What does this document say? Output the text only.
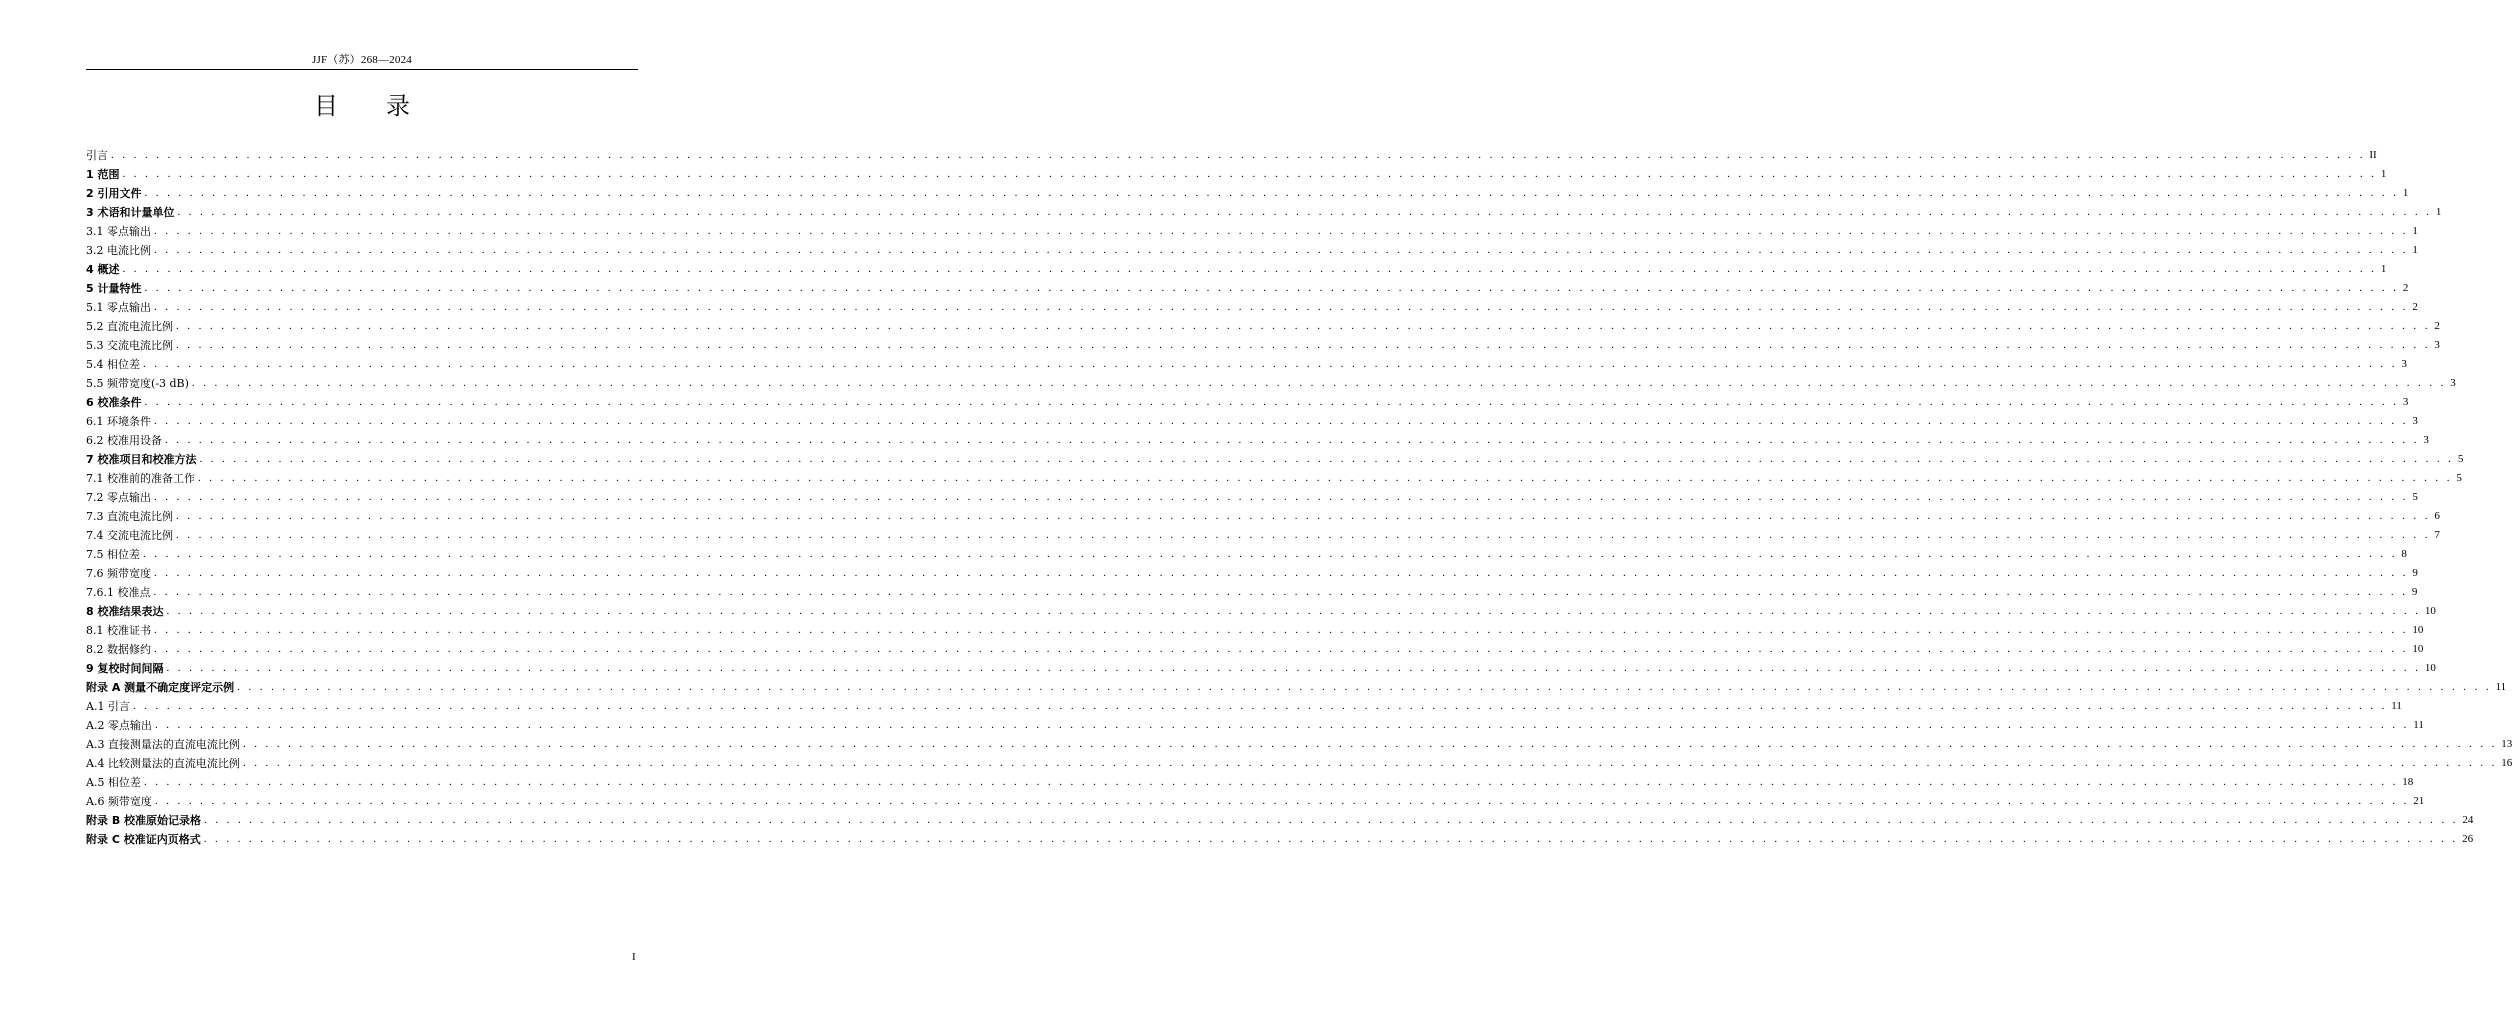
JJF（苏）268—2024
目录
引言 . . . . . . . . . . . . . . . . . . . . . . . . . . . . . . . . . . . . . . . . . . . . . . . . . . . . . . . . . . . . . . . . . . . . . . . . . . . . . . . . . . . . . . . . . . . . . . . . . . . . . . . . . . . . . . . . . . . . . . . . . . . . . . . . . . . . . . . . . . . . . . . . . . . . . . . . . . . . . . . . . . . . . . . . . . . . . . . . . . . . . . . . . . . . . . . . . . . . . . . . II
1 范围 . . . . . . . . . . . . . . . . . . . . . . . . . . . . . . . . . . . . . . . . . . . . . . . . . . . . . . . . . . . . . . . . . . . . . . . . . . . . . . . . . . . . . . . . . . . . . . . . . . . . . . . . . . . . . . . . . . . . . . . . . . . . . . . . . . . . . . . . . . . . . . . . . . . . . . . . . . . . . . . . . . . . . . . . . . . . . . . . . . . . . . . . . . . . . . . . . . . . . . . . 1
2 引用文件 . . . . . . . . . . . . . . . . . . . . . . . . . . . . . . . . . . . . . . . . . . . . . . . . . . . . . . . . . . . . . . . . . . . . . . . . . . . . . . . . . . . . . . . . . . . . . . . . . . . . . . . . . . . . . . . . . . . . . . . . . . . . . . . . . . . . . . . . . . . . . . . . . . . . . . . . . . . . . . . . . . . . . . . . . . . . . . . . . . . . . . . . . . . . . . . . . . . . . . . . 1
3 术语和计量单位 . . . . . . . . . . . . . . . . . . . . . . . . . . . . . . . . . . . . . . . . . . . . . . . . . . . . . . . . . . . . . . . . . . . . . . . . . . . . . . . . . . . . . . . . . . . . . . . . . . . . . . . . . . . . . . . . . . . . . . . . . . . . . . . . . . . . . . . . . . . . . . . . . . . . . . . . . . . . . . . . . . . . . . . . . . . . . . . . . . . . . . . . . . . . . . . . . . . . . . . . 1
3.1 零点输出 . . . . . . . . . . . . . . . . . . . . . . . . . . . . . . . . . . . . . . . . . . . . . . . . . . . . . . . . . . . . . . . . . . . . . . . . . . . . . . . . . . . . . . . . . . . . . . . . . . . . . . . . . . . . . . . . . . . . . . . . . . . . . . . . . . . . . . . . . . . . . . . . . . . . . . . . . . . . . . . . . . . . . . . . . . . . . . . . . . . . . . . . . . . . . . . . . . . . . . . . 1
3.2 电流比例 . . . . . . . . . . . . . . . . . . . . . . . . . . . . . . . . . . . . . . . . . . . . . . . . . . . . . . . . . . . . . . . . . . . . . . . . . . . . . . . . . . . . . . . . . . . . . . . . . . . . . . . . . . . . . . . . . . . . . . . . . . . . . . . . . . . . . . . . . . . . . . . . . . . . . . . . . . . . . . . . . . . . . . . . . . . . . . . . . . . . . . . . . . . . . . . . . . . . . . . . 1
4 概述 . . . . . . . . . . . . . . . . . . . . . . . . . . . . . . . . . . . . . . . . . . . . . . . . . . . . . . . . . . . . . . . . . . . . . . . . . . . . . . . . . . . . . . . . . . . . . . . . . . . . . . . . . . . . . . . . . . . . . . . . . . . . . . . . . . . . . . . . . . . . . . . . . . . . . . . . . . . . . . . . . . . . . . . . . . . . . . . . . . . . . . . . . . . . . . . . . . . . . . . . 1
5 计量特性 . . . . . . . . . . . . . . . . . . . . . . . . . . . . . . . . . . . . . . . . . . . . . . . . . . . . . . . . . . . . . . . . . . . . . . . . . . . . . . . . . . . . . . . . . . . . . . . . . . . . . . . . . . . . . . . . . . . . . . . . . . . . . . . . . . . . . . . . . . . . . . . . . . . . . . . . . . . . . . . . . . . . . . . . . . . . . . . . . . . . . . . . . . . . . . . . . . . . . . . . 2
5.1 零点输出 . . . . . . . . . . . . . . . . . . . . . . . . . . . . . . . . . . . . . . . . . . . . . . . . . . . . . . . . . . . . . . . . . . . . . . . . . . . . . . . . . . . . . . . . . . . . . . . . . . . . . . . . . . . . . . . . . . . . . . . . . . . . . . . . . . . . . . . . . . . . . . . . . . . . . . . . . . . . . . . . . . . . . . . . . . . . . . . . . . . . . . . . . . . . . . . . . . . . . . . . 2
5.2 直流电流比例 . . . . . . . . . . . . . . . . . . . . . . . . . . . . . . . . . . . . . . . . . . . . . . . . . . . . . . . . . . . . . . . . . . . . . . . . . . . . . . . . . . . . . . . . . . . . . . . . . . . . . . . . . . . . . . . . . . . . . . . . . . . . . . . . . . . . . . . . . . . . . . . . . . . . . . . . . . . . . . . . . . . . . . . . . . . . . . . . . . . . . . . . . . . . . . . . . . . . . . . . 2
5.3 交流电流比例 . . . . . . . . . . . . . . . . . . . . . . . . . . . . . . . . . . . . . . . . . . . . . . . . . . . . . . . . . . . . . . . . . . . . . . . . . . . . . . . . . . . . . . . . . . . . . . . . . . . . . . . . . . . . . . . . . . . . . . . . . . . . . . . . . . . . . . . . . . . . . . . . . . . . . . . . . . . . . . . . . . . . . . . . . . . . . . . . . . . . . . . . . . . . . . . . . . . . . . . . 3
5.4 相位差 . . . . . . . . . . . . . . . . . . . . . . . . . . . . . . . . . . . . . . . . . . . . . . . . . . . . . . . . . . . . . . . . . . . . . . . . . . . . . . . . . . . . . . . . . . . . . . . . . . . . . . . . . . . . . . . . . . . . . . . . . . . . . . . . . . . . . . . . . . . . . . . . . . . . . . . . . . . . . . . . . . . . . . . . . . . . . . . . . . . . . . . . . . . . . . . . . . . . . . . . 3
5.5 频带宽度(-3 dB) . . . . . . . . . . . . . . . . . . . . . . . . . . . . . . . . . . . . . . . . . . . . . . . . . . . . . . . . . . . . . . . . . . . . . . . . . . . . . . . . . . . . . . . . . . . . . . . . . . . . . . . . . . . . . . . . . . . . . . . . . . . . . . . . . . . . . . . . . . . . . . . . . . . . . . . . . . . . . . . . . . . . . . . . . . . . . . . . . . . . . . . . . . . . . . . . . . . . . . . . 3
6 校准条件 . . . . . . . . . . . . . . . . . . . . . . . . . . . . . . . . . . . . . . . . . . . . . . . . . . . . . . . . . . . . . . . . . . . . . . . . . . . . . . . . . . . . . . . . . . . . . . . . . . . . . . . . . . . . . . . . . . . . . . . . . . . . . . . . . . . . . . . . . . . . . . . . . . . . . . . . . . . . . . . . . . . . . . . . . . . . . . . . . . . . . . . . . . . . . . . . . . . . . . . . 3
6.1 环境条件 . . . . . . . . . . . . . . . . . . . . . . . . . . . . . . . . . . . . . . . . . . . . . . . . . . . . . . . . . . . . . . . . . . . . . . . . . . . . . . . . . . . . . . . . . . . . . . . . . . . . . . . . . . . . . . . . . . . . . . . . . . . . . . . . . . . . . . . . . . . . . . . . . . . . . . . . . . . . . . . . . . . . . . . . . . . . . . . . . . . . . . . . . . . . . . . . . . . . . . . . 3
6.2 校准用设备 . . . . . . . . . . . . . . . . . . . . . . . . . . . . . . . . . . . . . . . . . . . . . . . . . . . . . . . . . . . . . . . . . . . . . . . . . . . . . . . . . . . . . . . . . . . . . . . . . . . . . . . . . . . . . . . . . . . . . . . . . . . . . . . . . . . . . . . . . . . . . . . . . . . . . . . . . . . . . . . . . . . . . . . . . . . . . . . . . . . . . . . . . . . . . . . . . . . . . . . . 3
7 校准项目和校准方法 . . . . . . . . . . . . . . . . . . . . . . . . . . . . . . . . . . . . . . . . . . . . . . . . . . . . . . . . . . . . . . . . . . . . . . . . . . . . . . . . . . . . . . . . . . . . . . . . . . . . . . . . . . . . . . . . . . . . . . . . . . . . . . . . . . . . . . . . . . . . . . . . . . . . . . . . . . . . . . . . . . . . . . . . . . . . . . . . . . . . . . . . . . . . . . . . . . . . . . . . 5
7.1 校准前的准备工作 . . . . . . . . . . . . . . . . . . . . . . . . . . . . . . . . . . . . . . . . . . . . . . . . . . . . . . . . . . . . . . . . . . . . . . . . . . . . . . . . . . . . . . . . . . . . . . . . . . . . . . . . . . . . . . . . . . . . . . . . . . . . . . . . . . . . . . . . . . . . . . . . . . . . . . . . . . . . . . . . . . . . . . . . . . . . . . . . . . . . . . . . . . . . . . . . . . . . . . . . 5
7.2 零点输出 . . . . . . . . . . . . . . . . . . . . . . . . . . . . . . . . . . . . . . . . . . . . . . . . . . . . . . . . . . . . . . . . . . . . . . . . . . . . . . . . . . . . . . . . . . . . . . . . . . . . . . . . . . . . . . . . . . . . . . . . . . . . . . . . . . . . . . . . . . . . . . . . . . . . . . . . . . . . . . . . . . . . . . . . . . . . . . . . . . . . . . . . . . . . . . . . . . . . . . . . 5
7.3 直流电流比例 . . . . . . . . . . . . . . . . . . . . . . . . . . . . . . . . . . . . . . . . . . . . . . . . . . . . . . . . . . . . . . . . . . . . . . . . . . . . . . . . . . . . . . . . . . . . . . . . . . . . . . . . . . . . . . . . . . . . . . . . . . . . . . . . . . . . . . . . . . . . . . . . . . . . . . . . . . . . . . . . . . . . . . . . . . . . . . . . . . . . . . . . . . . . . . . . . . . . . . . . 6
7.4 交流电流比例 . . . . . . . . . . . . . . . . . . . . . . . . . . . . . . . . . . . . . . . . . . . . . . . . . . . . . . . . . . . . . . . . . . . . . . . . . . . . . . . . . . . . . . . . . . . . . . . . . . . . . . . . . . . . . . . . . . . . . . . . . . . . . . . . . . . . . . . . . . . . . . . . . . . . . . . . . . . . . . . . . . . . . . . . . . . . . . . . . . . . . . . . . . . . . . . . . . . . . . . . 7
7.5 相位差 . . . . . . . . . . . . . . . . . . . . . . . . . . . . . . . . . . . . . . . . . . . . . . . . . . . . . . . . . . . . . . . . . . . . . . . . . . . . . . . . . . . . . . . . . . . . . . . . . . . . . . . . . . . . . . . . . . . . . . . . . . . . . . . . . . . . . . . . . . . . . . . . . . . . . . . . . . . . . . . . . . . . . . . . . . . . . . . . . . . . . . . . . . . . . . . . . . . . . . . . 8
7.6 频带宽度 . . . . . . . . . . . . . . . . . . . . . . . . . . . . . . . . . . . . . . . . . . . . . . . . . . . . . . . . . . . . . . . . . . . . . . . . . . . . . . . . . . . . . . . . . . . . . . . . . . . . . . . . . . . . . . . . . . . . . . . . . . . . . . . . . . . . . . . . . . . . . . . . . . . . . . . . . . . . . . . . . . . . . . . . . . . . . . . . . . . . . . . . . . . . . . . . . . . . . . . . 9
7.6.1 校准点 . . . . . . . . . . . . . . . . . . . . . . . . . . . . . . . . . . . . . . . . . . . . . . . . . . . . . . . . . . . . . . . . . . . . . . . . . . . . . . . . . . . . . . . . . . . . . . . . . . . . . . . . . . . . . . . . . . . . . . . . . . . . . . . . . . . . . . . . . . . . . . . . . . . . . . . . . . . . . . . . . . . . . . . . . . . . . . . . . . . . . . . . . . . . . . . . . . . . . . . . 9
8 校准结果表达 . . . . . . . . . . . . . . . . . . . . . . . . . . . . . . . . . . . . . . . . . . . . . . . . . . . . . . . . . . . . . . . . . . . . . . . . . . . . . . . . . . . . . . . . . . . . . . . . . . . . . . . . . . . . . . . . . . . . . . . . . . . . . . . . . . . . . . . . . . . . . . . . . . . . . . . . . . . . . . . . . . . . . . . . . . . . . . . . . . . . . . . . . . . . . . . . . . . . . . . . 10
8.1 校准证书 . . . . . . . . . . . . . . . . . . . . . . . . . . . . . . . . . . . . . . . . . . . . . . . . . . . . . . . . . . . . . . . . . . . . . . . . . . . . . . . . . . . . . . . . . . . . . . . . . . . . . . . . . . . . . . . . . . . . . . . . . . . . . . . . . . . . . . . . . . . . . . . . . . . . . . . . . . . . . . . . . . . . . . . . . . . . . . . . . . . . . . . . . . . . . . . . . . . . . . . . 10
8.2 数据修约 . . . . . . . . . . . . . . . . . . . . . . . . . . . . . . . . . . . . . . . . . . . . . . . . . . . . . . . . . . . . . . . . . . . . . . . . . . . . . . . . . . . . . . . . . . . . . . . . . . . . . . . . . . . . . . . . . . . . . . . . . . . . . . . . . . . . . . . . . . . . . . . . . . . . . . . . . . . . . . . . . . . . . . . . . . . . . . . . . . . . . . . . . . . . . . . . . . . . . . . . 10
9 复校时间间隔 . . . . . . . . . . . . . . . . . . . . . . . . . . . . . . . . . . . . . . . . . . . . . . . . . . . . . . . . . . . . . . . . . . . . . . . . . . . . . . . . . . . . . . . . . . . . . . . . . . . . . . . . . . . . . . . . . . . . . . . . . . . . . . . . . . . . . . . . . . . . . . . . . . . . . . . . . . . . . . . . . . . . . . . . . . . . . . . . . . . . . . . . . . . . . . . . . . . . . . . . 10
附录 A 测量不确定度评定示例 . . . . . . . . . . . . . . . . . . . . . . . . . . . . . . . . . . . . . . . . . . . . . . . . . . . . . . . . . . . . . . . . . . . . . . . . . . . . . . . . . . . . . . . . . . . . . . . . . . . . . . . . . . . . . . . . . . . . . . . . . . . . . . . . . . . . . . . . . . . . . . . . . . . . . . . . . . . . . . . . . . . . . . . . . . . . . . . . . . . . . . . . . . . . . . . . . . . . . . . . 11
A.1 引言 . . . . . . . . . . . . . . . . . . . . . . . . . . . . . . . . . . . . . . . . . . . . . . . . . . . . . . . . . . . . . . . . . . . . . . . . . . . . . . . . . . . . . . . . . . . . . . . . . . . . . . . . . . . . . . . . . . . . . . . . . . . . . . . . . . . . . . . . . . . . . . . . . . . . . . . . . . . . . . . . . . . . . . . . . . . . . . . . . . . . . . . . . . . . . . . . . . . . . . . . 11
A.2 零点输出 . . . . . . . . . . . . . . . . . . . . . . . . . . . . . . . . . . . . . . . . . . . . . . . . . . . . . . . . . . . . . . . . . . . . . . . . . . . . . . . . . . . . . . . . . . . . . . . . . . . . . . . . . . . . . . . . . . . . . . . . . . . . . . . . . . . . . . . . . . . . . . . . . . . . . . . . . . . . . . . . . . . . . . . . . . . . . . . . . . . . . . . . . . . . . . . . . . . . . . . . 11
A.3 直接测量法的直流电流比例 . . . . . . . . . . . . . . . . . . . . . . . . . . . . . . . . . . . . . . . . . . . . . . . . . . . . . . . . . . . . . . . . . . . . . . . . . . . . . . . . . . . . . . . . . . . . . . . . . . . . . . . . . . . . . . . . . . . . . . . . . . . . . . . . . . . . . . . . . . . . . . . . . . . . . . . . . . . . . . . . . . . . . . . . . . . . . . . . . . . . . . . . . . . . . . . . . . . . . . . . 13
A.4 比较测量法的直流电流比例 . . . . . . . . . . . . . . . . . . . . . . . . . . . . . . . . . . . . . . . . . . . . . . . . . . . . . . . . . . . . . . . . . . . . . . . . . . . . . . . . . . . . . . . . . . . . . . . . . . . . . . . . . . . . . . . . . . . . . . . . . . . . . . . . . . . . . . . . . . . . . . . . . . . . . . . . . . . . . . . . . . . . . . . . . . . . . . . . . . . . . . . . . . . . . . . . . . . . . . . . 16
A.5 相位差 . . . . . . . . . . . . . . . . . . . . . . . . . . . . . . . . . . . . . . . . . . . . . . . . . . . . . . . . . . . . . . . . . . . . . . . . . . . . . . . . . . . . . . . . . . . . . . . . . . . . . . . . . . . . . . . . . . . . . . . . . . . . . . . . . . . . . . . . . . . . . . . . . . . . . . . . . . . . . . . . . . . . . . . . . . . . . . . . . . . . . . . . . . . . . . . . . . . . . . . . 18
A.6 频带宽度 . . . . . . . . . . . . . . . . . . . . . . . . . . . . . . . . . . . . . . . . . . . . . . . . . . . . . . . . . . . . . . . . . . . . . . . . . . . . . . . . . . . . . . . . . . . . . . . . . . . . . . . . . . . . . . . . . . . . . . . . . . . . . . . . . . . . . . . . . . . . . . . . . . . . . . . . . . . . . . . . . . . . . . . . . . . . . . . . . . . . . . . . . . . . . . . . . . . . . . . . 21
附录 B 校准原始记录格 . . . . . . . . . . . . . . . . . . . . . . . . . . . . . . . . . . . . . . . . . . . . . . . . . . . . . . . . . . . . . . . . . . . . . . . . . . . . . . . . . . . . . . . . . . . . . . . . . . . . . . . . . . . . . . . . . . . . . . . . . . . . . . . . . . . . . . . . . . . . . . . . . . . . . . . . . . . . . . . . . . . . . . . . . . . . . . . . . . . . . . . . . . . . . . . . . . . . . . . . 24
附录 C 校准证内页格式 . . . . . . . . . . . . . . . . . . . . . . . . . . . . . . . . . . . . . . . . . . . . . . . . . . . . . . . . . . . . . . . . . . . . . . . . . . . . . . . . . . . . . . . . . . . . . . . . . . . . . . . . . . . . . . . . . . . . . . . . . . . . . . . . . . . . . . . . . . . . . . . . . . . . . . . . . . . . . . . . . . . . . . . . . . . . . . . . . . . . . . . . . . . . . . . . . . . . . . . . 26
I
